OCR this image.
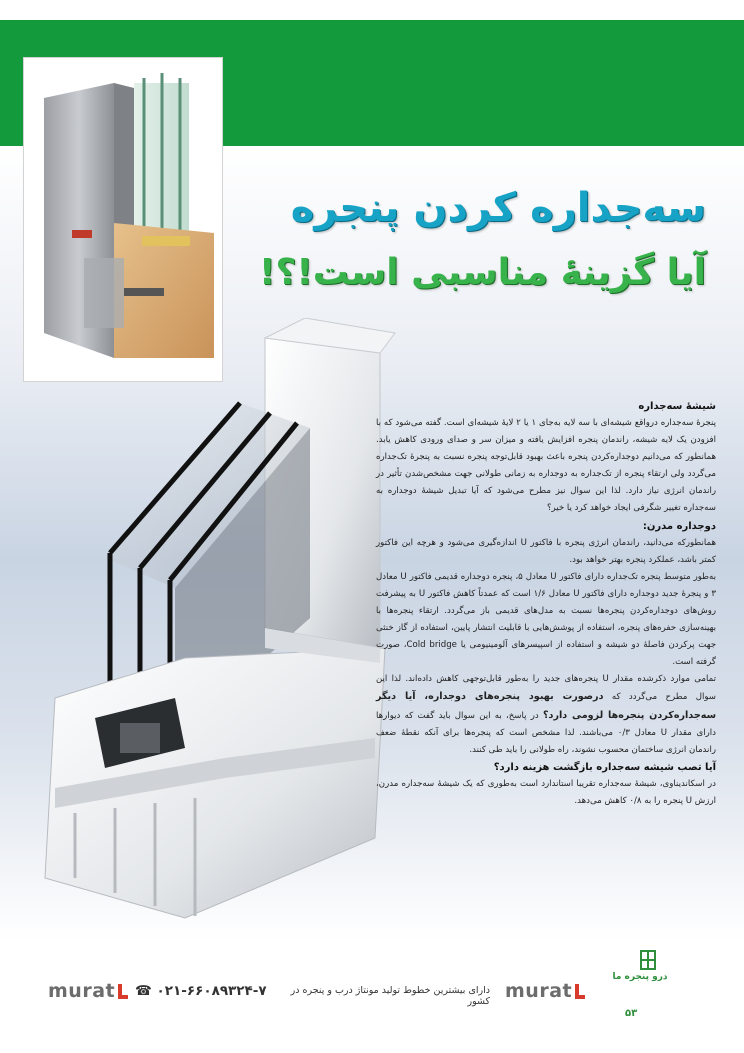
سه‌جداره کردن پنجره
آیا گزینهٔ مناسبی است!؟!
شیشهٔ سه‌جداره

پنجرهٔ سه‌جداره درواقع شیشه‌ای با سه لایه به‌جای ۱ یا ۲ لایهٔ شیشه‌ای است. گفته می‌شود که با افزودن یک لایه شیشه، راندمان پنجره افزایش یافته و میزان سر و صدای ورودی کاهش یابد. همانطور که می‌دانیم دوجداره‌کردن پنجره باعث بهبود قابل‌توجه پنجره نسبت به پنجرهٔ تک‌جداره می‌گردد ولی ارتقاء پنجره از تک‌جداره به دوجداره به زمانی طولانی جهت مشخص‌شدن تأثیر در راندمان انرژی نیاز دارد. لذا این سوال نیز مطرح می‌شود که آیا تبدیل شیشهٔ دوجداره به سه‌جداره تغییر شگرفی ایجاد خواهد کرد یا خیر؟

دوجداره مدرن:

همانطورکه می‌دانید، راندمان انرژی پنجره با فاکتور U اندازه‌گیری می‌شود و هرچه این فاکتور کمتر باشد، عملکرد پنجره بهتر خواهد بود.

به‌طور متوسط پنجره تک‌جداره دارای فاکتور U معادل ۵، پنجره دوجداره قدیمی فاکتور U معادل ۳ و پنجرهٔ جدید دوجداره دارای فاکتور U معادل ۱/۶ است که عمدتاً کاهش فاکتور U به پیشرفت روش‌های دوجداره‌کردن پنجره‌ها نسبت به مدل‌های قدیمی باز می‌گردد. ارتقاء پنجره‌ها با بهینه‌سازی حفره‌های پنجره، استفاده از پوشش‌هایی با قابلیت انتشار پایین، استفاده از گاز خنثی جهت پرکردن فاصلهٔ دو شیشه و استفاده از اسپیسرهای آلومینیومی یا Cold bridge، صورت گرفته است.

تمامی موارد ذکرشده مقدار U پنجره‌های جدید را به‌طور قابل‌توجهی کاهش داده‌اند. لذا این سوال مطرح می‌گردد که درصورت بهبود پنجره‌های دوجداره، آیا دیگر سه‌جداره‌کردن پنجره‌ها لزومی دارد؟ در پاسخ، به این سوال باید گفت که دیوارها دارای مقدار U معادل ۰/۳ می‌باشند. لذا مشخص است که پنجره‌ها برای آنکه نقطهٔ ضعف راندمان انرژی ساختمان محسوب نشوند، راه طولانی را باید طی کنند.

آیا تصب شیشه سه‌جداره بازگشت هزینه دارد؟

در اسکاندیناوی، شیشهٔ سه‌جداره تقریبا استاندارد است به‌طوری که یک شیشهٔ سه‌جداره مدرن، ارزش U پنجره را به ۰/۸ کاهش می‌دهد.

murat	☎ ۰۲۱-۶۶۰۸۹۳۲۴-۷	murat
دارای بیشترین خطوط تولید مونتاژ درب و پنجره در کشور
درو پنجره ما
۵۳
